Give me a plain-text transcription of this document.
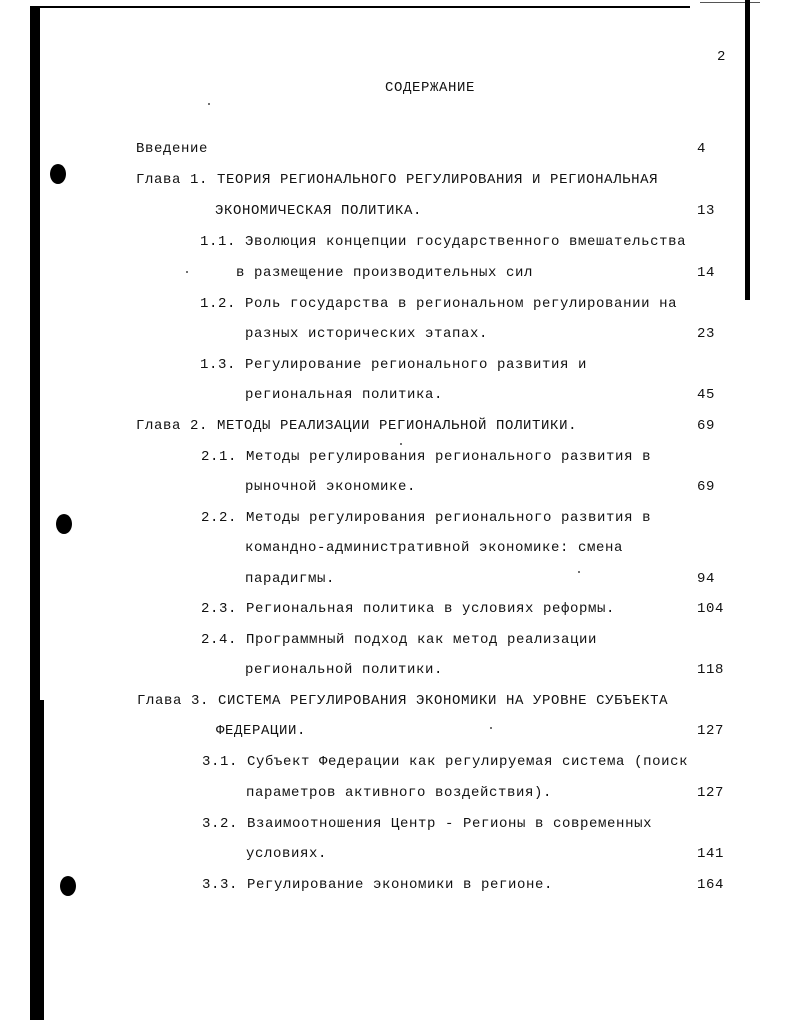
2
СОДЕРЖАНИЕ
Введение	4
Глава 1. ТЕОРИЯ РЕГИОНАЛЬНОГО РЕГУЛИРОВАНИЯ И РЕГИОНАЛЬНАЯ
ЭКОНОМИЧЕСКАЯ ПОЛИТИКА.	13
1.1. Эволюция концепции государственного вмешательства
в размещение производительных сил	14
1.2. Роль государства в региональном регулировании на
разных исторических этапах.	23
1.3. Регулирование регионального развития и
региональная политика.	45
Глава 2. МЕТОДЫ РЕАЛИЗАЦИИ РЕГИОНАЛЬНОЙ ПОЛИТИКИ.	69
2.1. Методы регулирования регионального развития в
рыночной экономике.	69
2.2. Методы регулирования регионального развития в
командно-административной экономике: смена
парадигмы.	94
2.3. Региональная политика в условиях реформы.	104
2.4. Программный подход как метод реализации
региональной политики.	118
Глава 3. СИСТЕМА РЕГУЛИРОВАНИЯ ЭКОНОМИКИ НА УРОВНЕ СУБЪЕКТА
ФЕДЕРАЦИИ.	127
3.1. Субъект Федерации как регулируемая система (поиск
параметров активного воздействия).	127
3.2. Взаимоотношения Центр - Регионы в современных
условиях.	141
3.3. Регулирование экономики в регионе.	164
